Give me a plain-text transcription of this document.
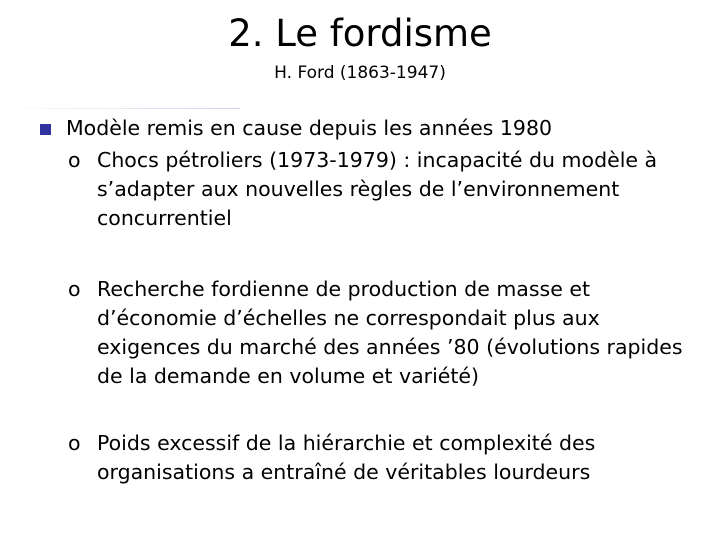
2. Le fordisme
H. Ford (1863-1947)
Modèle remis en cause depuis les années 1980
o Chocs pétroliers (1973-1979) : incapacité du modèle à s’adapter aux nouvelles règles de l’environnement concurrentiel
o Recherche fordienne de production de masse et d’économie d’échelles ne correspondait plus aux exigences du marché des années ’80 (évolutions rapides de la demande en volume et variété)
o Poids excessif de la hiérarchie et complexité des organisations a entraîné de véritables lourdeurs
